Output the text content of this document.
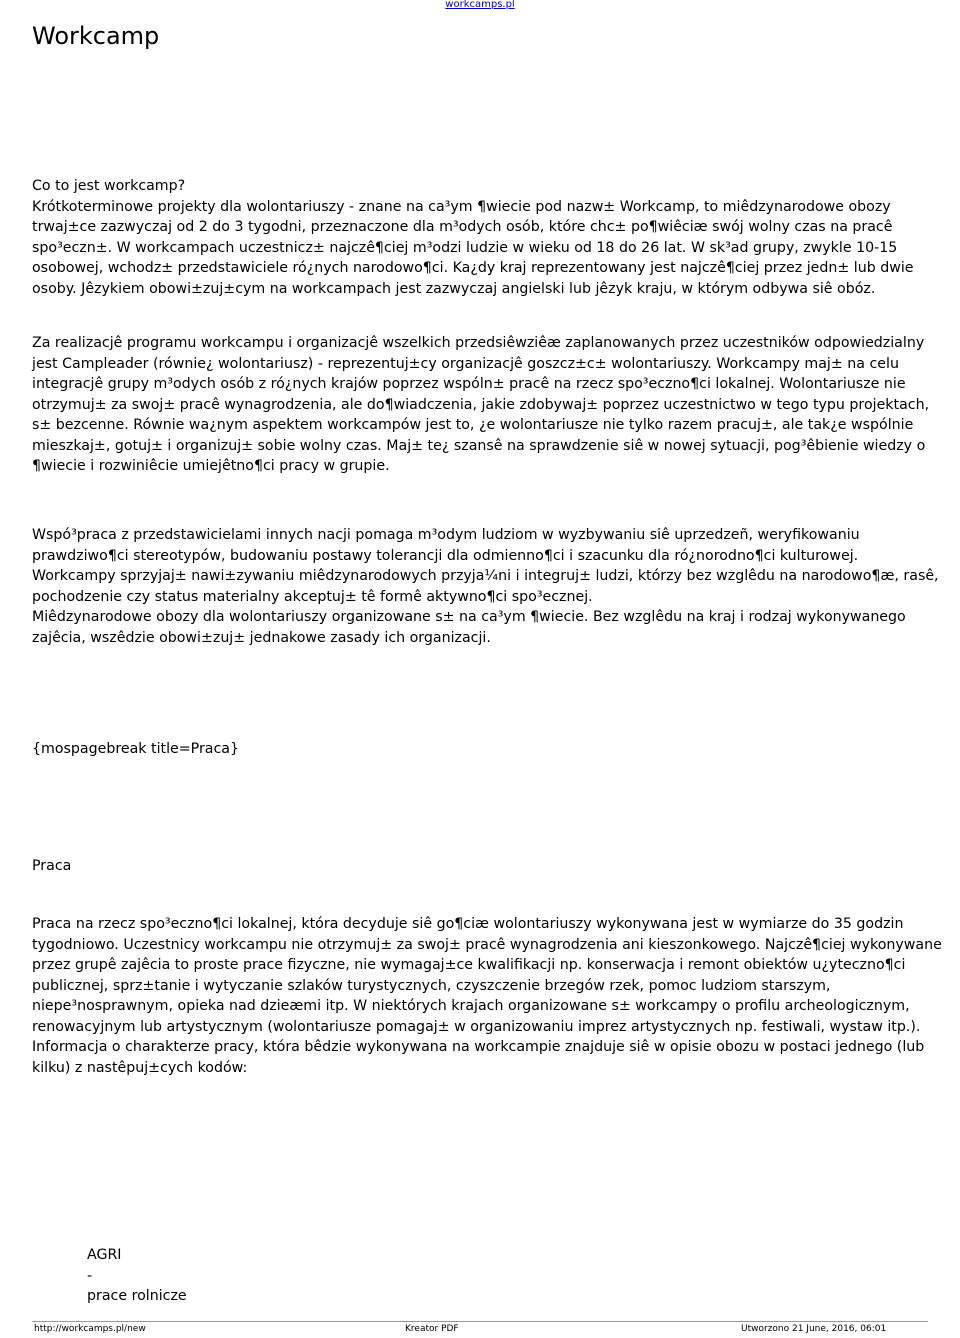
workcamps.pl
Workcamp

Co to jest workcamp?

Krótkoterminowe projekty dla wolontariuszy - znane na ca³ym ¶wiecie pod nazw± Workcamp, to miêdzynarodowe obozy trwaj±ce zazwyczaj od 2 do 3 tygodni, przeznaczone dla m³odych osób, które chc± po¶wiêciæ swój wolny czas na pracê spo³eczn±. W workcampach uczestnicz± najczê¶ciej m³odzi ludzie w wieku od 18 do 26 lat. W sk³ad grupy, zwykle 10-15 osobowej, wchodz± przedstawiciele ró¿nych narodowo¶ci. Ka¿dy kraj reprezentowany jest najczê¶ciej przez jedn± lub dwie osoby. Jêzykiem obowi±zuj±cym na workcampach jest zazwyczaj angielski lub jêzyk kraju, w którym odbywa siê obóz.

Za realizacjê programu workcampu i organizacjê wszelkich przedsiêwziêæ zaplanowanych przez uczestników odpowiedzialny jest Campleader (równie¿ wolontariusz) - reprezentuj±cy organizacjê goszcz±c± wolontariuszy. Workcampy maj± na celu integracjê grupy m³odych osób z ró¿nych krajów poprzez wspóln± pracê na rzecz spo³eczno¶ci lokalnej. Wolontariusze nie otrzymuj± za swoj± pracê wynagrodzenia, ale do¶wiadczenia, jakie zdobywaj± poprzez uczestnictwo w tego typu projektach, s± bezcenne. Równie wa¿nym aspektem workcampów jest to, ¿e wolontariusze nie tylko razem pracuj±, ale tak¿e wspólnie mieszkaj±, gotuj± i organizuj± sobie wolny czas. Maj± te¿ szansê na sprawdzenie siê w nowej sytuacji, pog³êbienie wiedzy o ¶wiecie i rozwiniêcie umiejêtno¶ci pracy w grupie.

Wspó³praca z przedstawicielami innych nacji pomaga m³odym ludziom w wyzbywaniu siê uprzedzeñ, weryfikowaniu prawdziwo¶ci stereotypów, budowaniu postawy tolerancji dla odmienno¶ci i szacunku dla ró¿norodno¶ci kulturowej. Workcampy sprzyjaj± nawi±zywaniu miêdzynarodowych przyja¼ni i integruj± ludzi, którzy bez wzglêdu na narodowo¶æ, rasê, pochodzenie czy status materialny akceptuj± tê formê aktywno¶ci spo³ecznej.

Miêdzynarodowe obozy dla wolontariuszy organizowane s± na ca³ym ¶wiecie. Bez wzglêdu na kraj i rodzaj wykonywanego zajêcia, wszêdzie obowi±zuj± jednakowe zasady ich organizacji.

{mospagebreak title=Praca}

Praca

Praca na rzecz spo³eczno¶ci lokalnej, która decyduje siê go¶ciæ wolontariuszy wykonywana jest w wymiarze do 35 godzin tygodniowo. Uczestnicy workcampu nie otrzymuj± za swoj± pracê wynagrodzenia ani kieszonkowego. Najczê¶ciej wykonywane przez grupê zajêcia to proste prace fizyczne, nie wymagaj±ce kwalifikacji np. konserwacja i remont obiektów u¿yteczno¶ci publicznej, sprz±tanie i wytyczanie szlaków turystycznych, czyszczenie brzegów rzek, pomoc ludziom starszym, niepe³nosprawnym, opieka nad dzieæmi itp. W niektórych krajach organizowane s± workcampy o profilu archeologicznym, renowacyjnym lub artystycznym (wolontariusze pomagaj± w organizowaniu imprez artystycznych np. festiwali, wystaw itp.). Informacja o charakterze pracy, która bêdzie wykonywana na workcampie znajduje siê w opisie obozu w postaci jednego (lub kilku) z nastêpuj±cych kodów:

AGRI

-

prace rolnicze

http://workcamps.pl/new	Kreator PDF	Utworzono 21 June, 2016, 06:01
